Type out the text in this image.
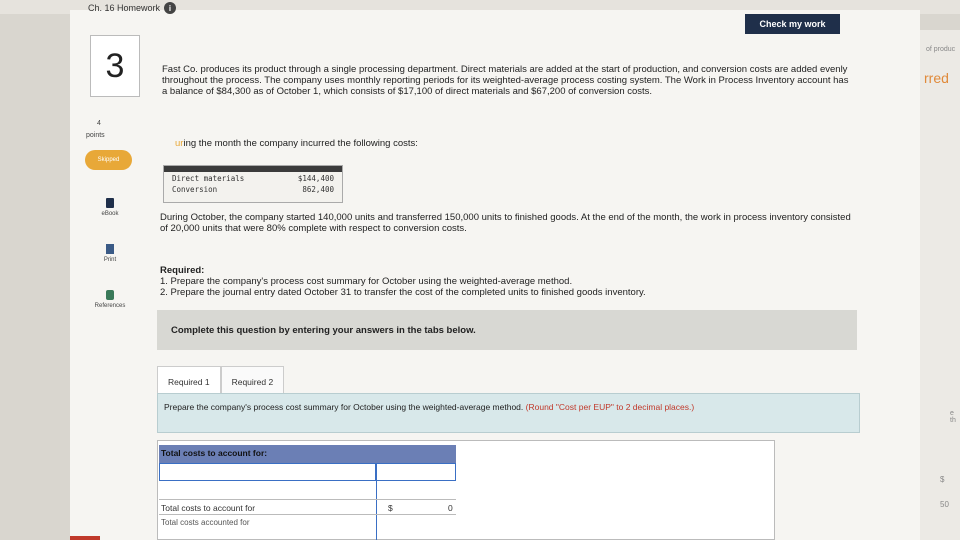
of produc
rred
e th
$
50
Ch. 16 Homework	i
Check my work
3
4
points
Skipped
eBook
Print
References
Fast Co. produces its product through a single processing department. Direct materials are added at the start of production, and conversion costs are added evenly throughout the process. The company uses monthly reporting periods for its weighted-average process costing system. The Work in Process Inventory account has a balance of $84,300 as of October 1, which consists of $17,100 of direct materials and $67,200 of conversion costs.
uring the month the company incurred the following costs:
Direct materials	$144,400
Conversion	862,400
During October, the company started 140,000 units and transferred 150,000 units to finished goods. At the end of the month, the work in process inventory consisted of 20,000 units that were 80% complete with respect to conversion costs.
Required:
1. Prepare the company's process cost summary for October using the weighted-average method.
2. Prepare the journal entry dated October 31 to transfer the cost of the completed units to finished goods inventory.
Complete this question by entering your answers in the tabs below.
Required 1	Required 2
Prepare the company's process cost summary for October using the weighted-average method. (Round "Cost per EUP" to 2 decimal places.)
Total costs to account for:
Total costs to account for	$	0
Total costs accounted for
